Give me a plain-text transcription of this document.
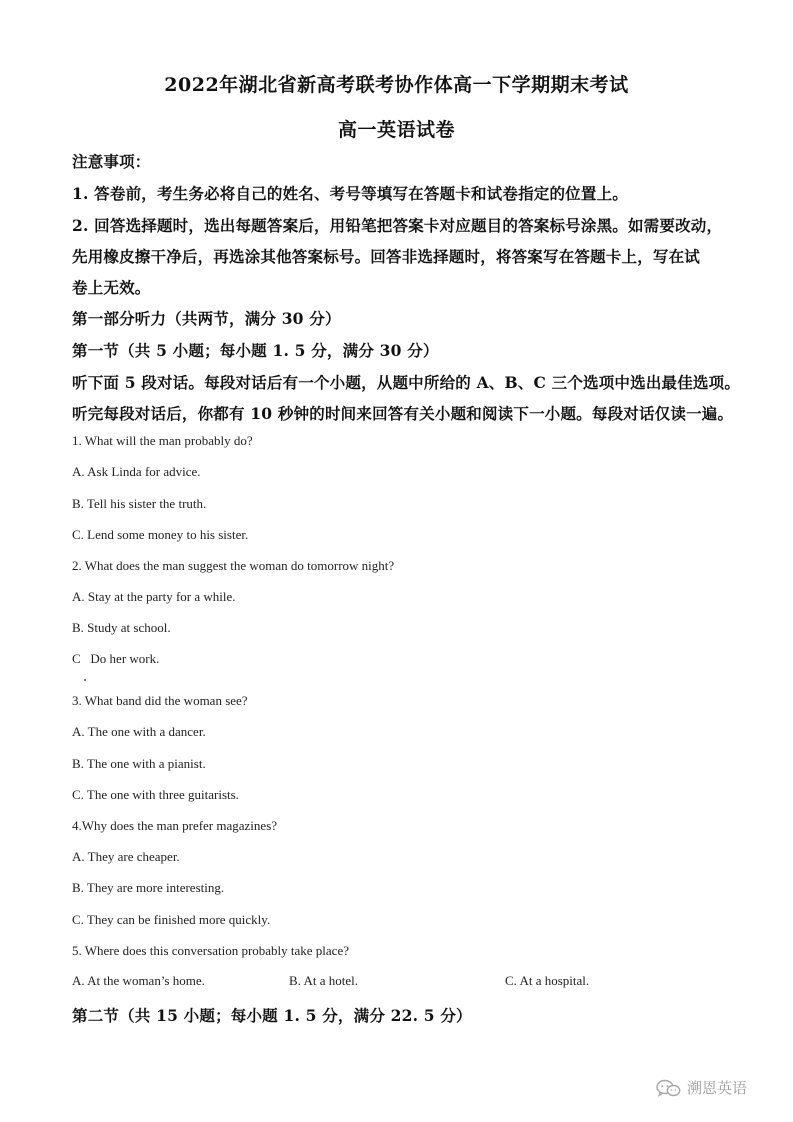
2022年湖北省新高考联考协作体高一下学期期末考试
高一英语试卷
注意事项：
1. 答卷前，考生务必将自己的姓名、考号等填写在答题卡和试卷指定的位置上。
2. 回答选择题时，选出每题答案后，用铅笔把答案卡对应题目的答案标号涂黑。如需要改动，
先用橡皮擦干净后，再选涂其他答案标号。回答非选择题时，将答案写在答题卡上，写在试
卷上无效。
第一部分听力（共两节，满分 30 分）
第一节（共 5 小题；每小题 1. 5 分，满分 30 分）
听下面 5 段对话。每段对话后有一个小题，从题中所给的 A、B、C 三个选项中选出最佳选项。
听完每段对话后，你都有 10 秒钟的时间来回答有关小题和阅读下一小题。每段对话仅读一遍。
1. What will the man probably do?
A. Ask Linda for advice.
B. Tell his sister the truth.
C. Lend some money to his sister.
2. What does the man suggest the woman do tomorrow night?
A. Stay at the party for a while.
B. Study at school.
C   Do her work.
3. What band did the woman see?
A. The one with a dancer.
B. The one with a pianist.
C. The one with three guitarists.
4.Why does the man prefer magazines?
A. They are cheaper.
B. They are more interesting.
C. They can be finished more quickly.
5. Where does this conversation probably take place?
A. At the woman’s home.	B. At a hotel.	C. At a hospital.
第二节（共 15 小题；每小题 1. 5 分，满分 22. 5 分）
溯恩英语
